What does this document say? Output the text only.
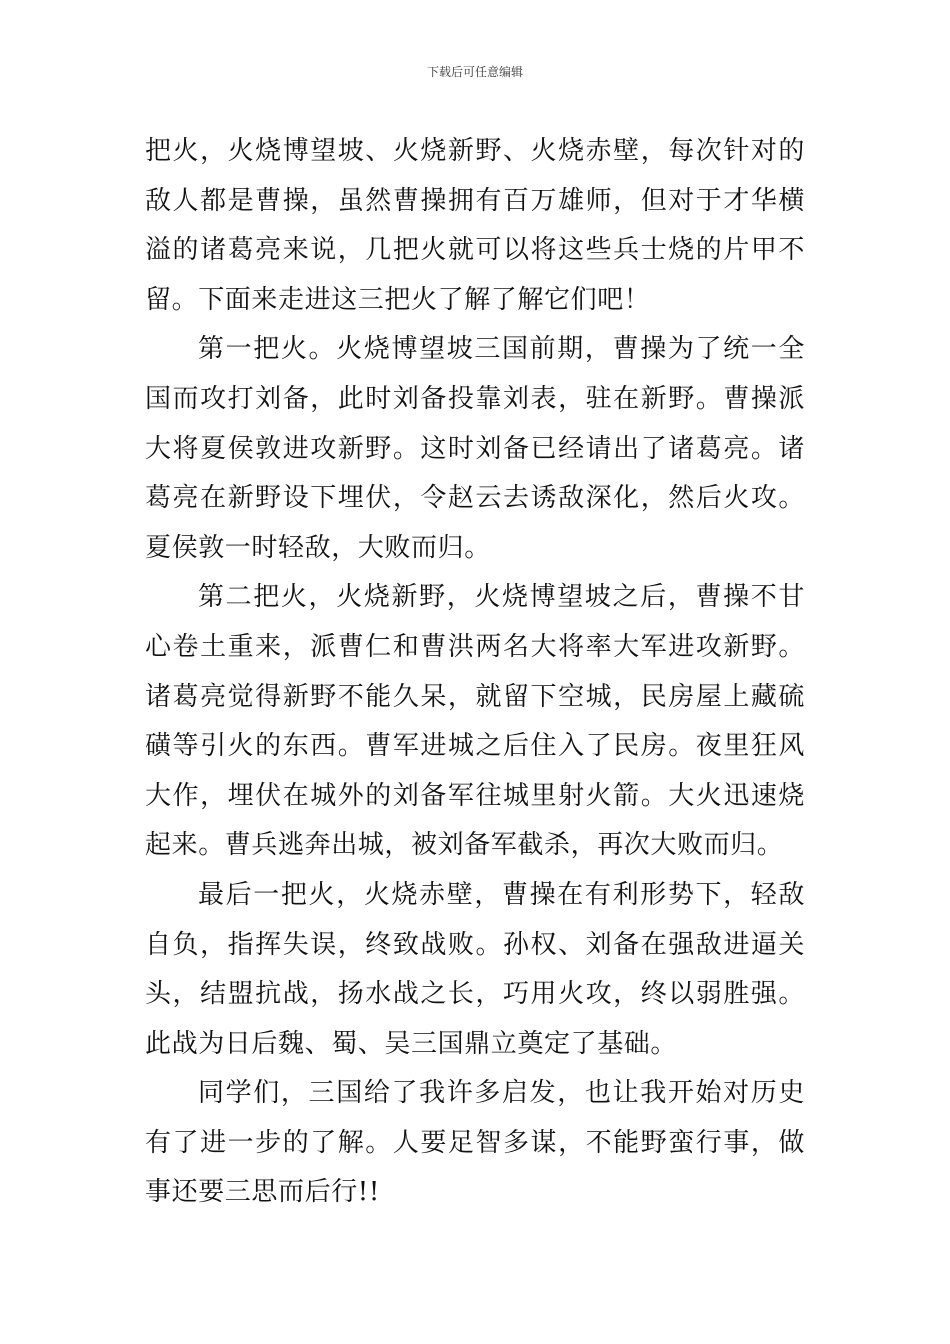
下载后可任意编辑

把火，火烧博望坡、火烧新野、火烧赤壁，每次针对的敌人都是曹操，虽然曹操拥有百万雄师，但对于才华横溢的诸葛亮来说，几把火就可以将这些兵士烧的片甲不留。下面来走进这三把火了解了解它们吧！

第一把火。火烧博望坡三国前期，曹操为了统一全国而攻打刘备，此时刘备投靠刘表，驻在新野。曹操派大将夏侯敦进攻新野。这时刘备已经请出了诸葛亮。诸葛亮在新野设下埋伏，令赵云去诱敌深化，然后火攻。夏侯敦一时轻敌，大败而归。

第二把火，火烧新野，火烧博望坡之后，曹操不甘心卷土重来，派曹仁和曹洪两名大将率大军进攻新野。诸葛亮觉得新野不能久呆，就留下空城，民房屋上藏硫磺等引火的东西。曹军进城之后住入了民房。夜里狂风大作，埋伏在城外的刘备军往城里射火箭。大火迅速烧起来。曹兵逃奔出城，被刘备军截杀，再次大败而归。

最后一把火，火烧赤壁，曹操在有利形势下，轻敌自负，指挥失误，终致战败。孙权、刘备在强敌进逼关头，结盟抗战，扬水战之长，巧用火攻，终以弱胜强。此战为日后魏、蜀、吴三国鼎立奠定了基础。

同学们，三国给了我许多启发，也让我开始对历史有了进一步的了解。人要足智多谋，不能野蛮行事，做事还要三思而后行!!
